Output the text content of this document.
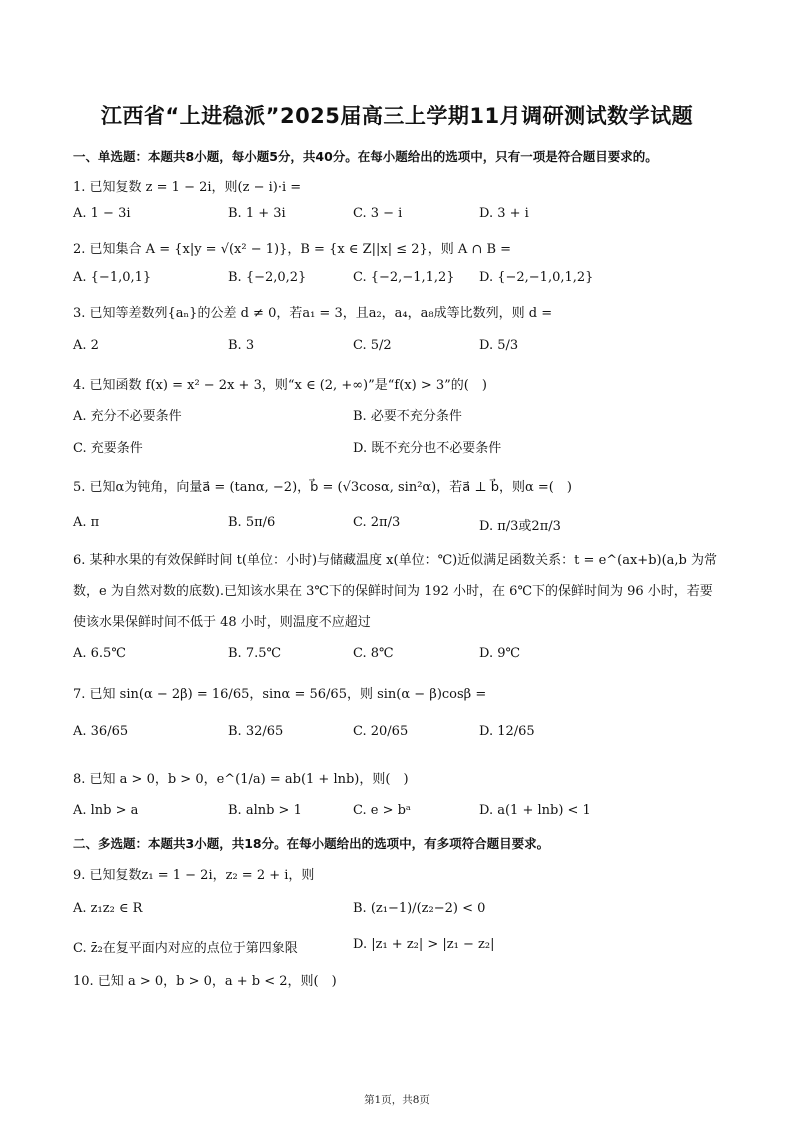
江西省“上进稳派”2025届高三上学期11月调研测试数学试题
一、单选题：本题共8小题，每小题5分，共40分。在每小题给出的选项中，只有一项是符合题目要求的。
1. 已知复数 z = 1 − 2i，则(z − i)·i =
A. 1 − 3i	B. 1 + 3i	C. 3 − i	D. 3 + i
2. 已知集合 A = {x|y = √(x² − 1)}，B = {x ∈ Z||x| ≤ 2}，则 A ∩ B =
A. {−1,0,1}	B. {−2,0,2}	C. {−2,−1,1,2} D. {−2,−1,0,1,2}
3. 已知等差数列{aₙ}的公差 d ≠ 0，若a₁ = 3，且a₂，a₄，a₈成等比数列，则 d =
A. 2	B. 3	C. 5/2	D. 5/3
4. 已知函数 f(x) = x² − 2x + 3，则“x ∈ (2, +∞)”是“f(x) > 3”的(　)
A. 充分不必要条件	B. 必要不充分条件
C. 充要条件	D. 既不充分也不必要条件
5. 已知α为钝角，向量a⃗ = (tanα, −2)，b⃗ = (√3cosα, sin²α)，若a⃗ ⊥ b⃗，则α =(　)
A. π	B. 5π/6	C. 2π/3	D. π/3或2π/3
6. 某种水果的有效保鲜时间 t(单位：小时)与储藏温度 x(单位：℃)近似满足函数关系：t = e^(ax+b)(a,b 为常数，e 为自然对数的底数).已知该水果在 3℃下的保鲜时间为 192 小时，在 6℃下的保鲜时间为 96 小时，若要使该水果保鲜时间不低于 48 小时，则温度不应超过
A. 6.5℃	B. 7.5℃	C. 8℃	D. 9℃
7. 已知 sin(α − 2β) = 16/65，sinα = 56/65，则 sin(α − β)cosβ =
A. 36/65	B. 32/65	C. 20/65	D. 12/65
8. 已知 a > 0，b > 0，e^(1/a) = ab(1 + lnb)，则(　)
A. lnb > a	B. alnb > 1	C. e > bᵃ	D. a(1 + lnb) < 1
二、多选题：本题共3小题，共18分。在每小题给出的选项中，有多项符合题目要求。
9. 已知复数z₁ = 1 − 2i，z₂ = 2 + i，则
A. z₁z₂ ∈ R	B. (z₁−1)/(z₂−2) < 0
C. z̄₂在复平面内对应的点位于第四象限	D. |z₁ + z₂| > |z₁ − z₂|
10. 已知 a > 0，b > 0，a + b < 2，则(　)
第1页，共8页
